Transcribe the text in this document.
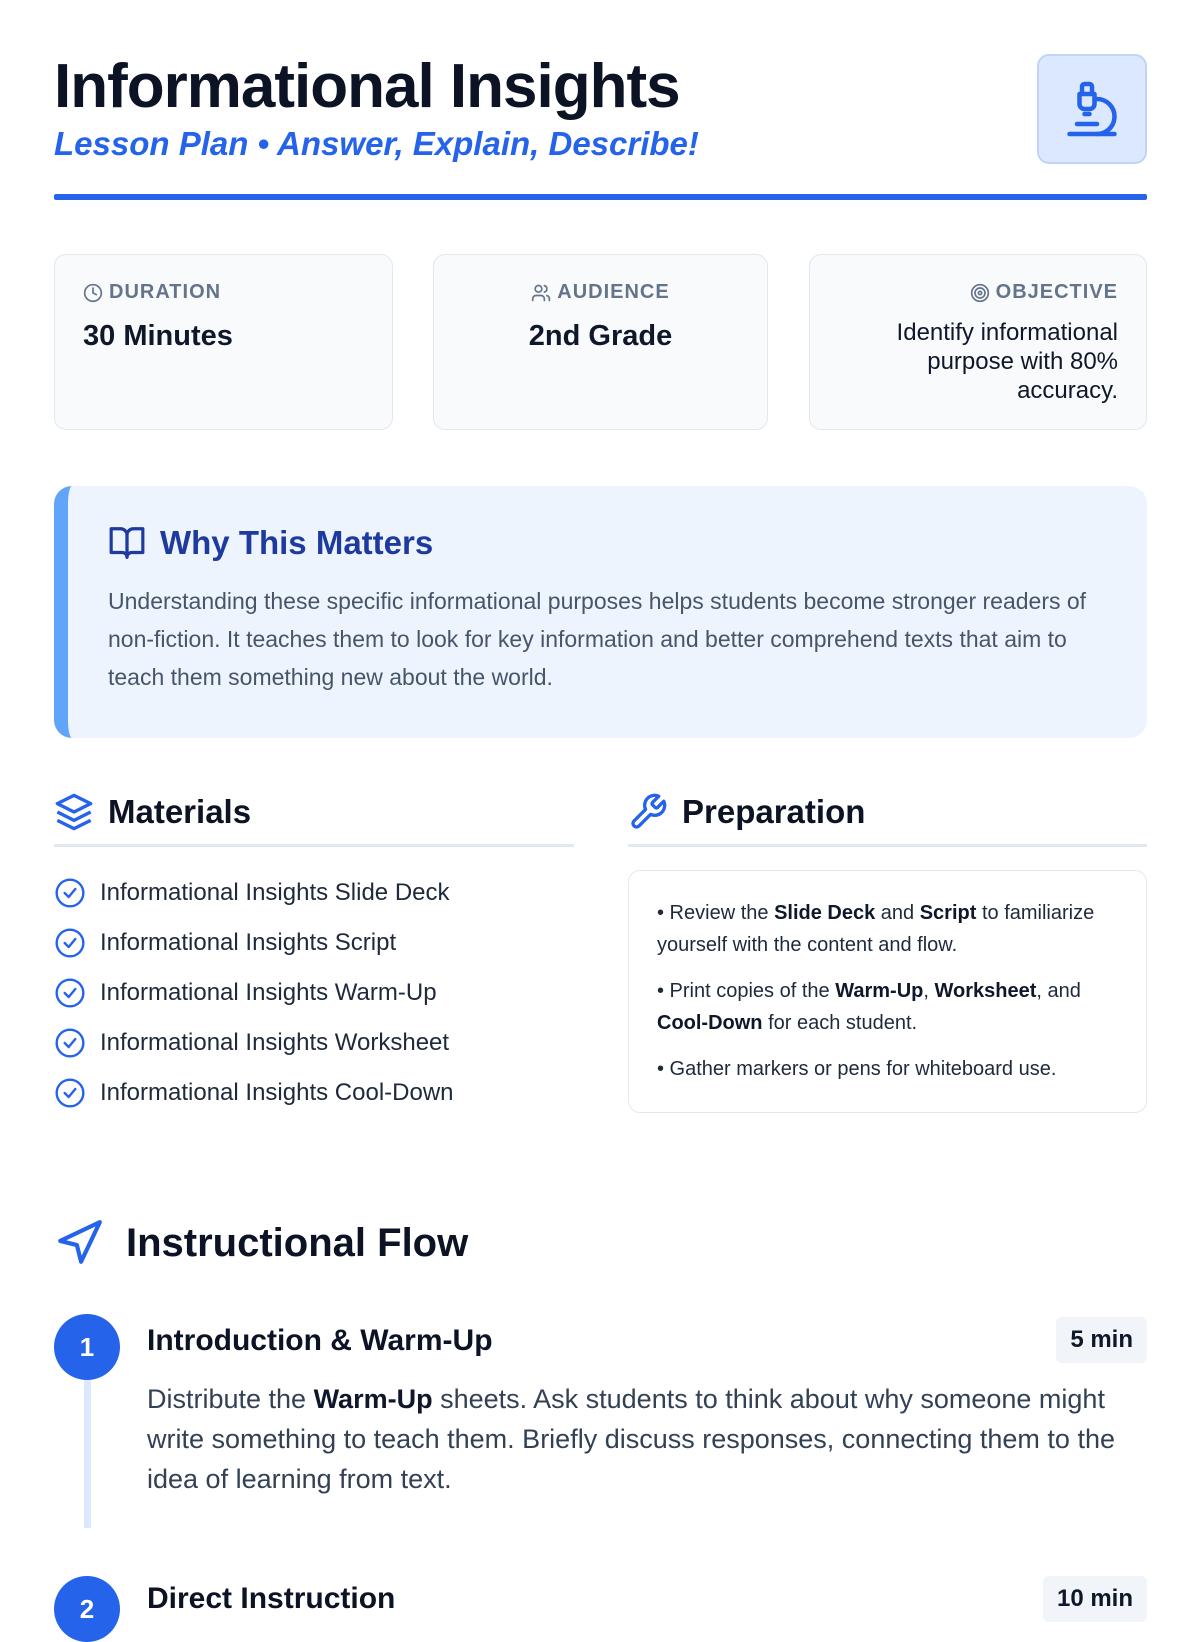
Informational Insights

Lesson Plan • Answer, Explain, Describe!

DURATION
30 Minutes
AUDIENCE
2nd Grade
OBJECTIVE
Identify informational purpose with 80% accuracy.
Why This Matters
Understanding these specific informational purposes helps students become stronger readers of non-fiction. It teaches them to look for key information and better comprehend texts that aim to teach them something new about the world.
Materials
Informational Insights Slide Deck
Informational Insights Script
Informational Insights Warm-Up
Informational Insights Worksheet
Informational Insights Cool-Down
Preparation
• Review the Slide Deck and Script to familiarize yourself with the content and flow.
• Print copies of the Warm-Up, Worksheet, and Cool-Down for each student.
• Gather markers or pens for whiteboard use.
Instructional Flow
1	Introduction & Warm-Up	5 min
Distribute the Warm-Up sheets. Ask students to think about why someone might write something to teach them. Briefly discuss responses, connecting them to the idea of learning from text.
2	Direct Instruction	10 min
